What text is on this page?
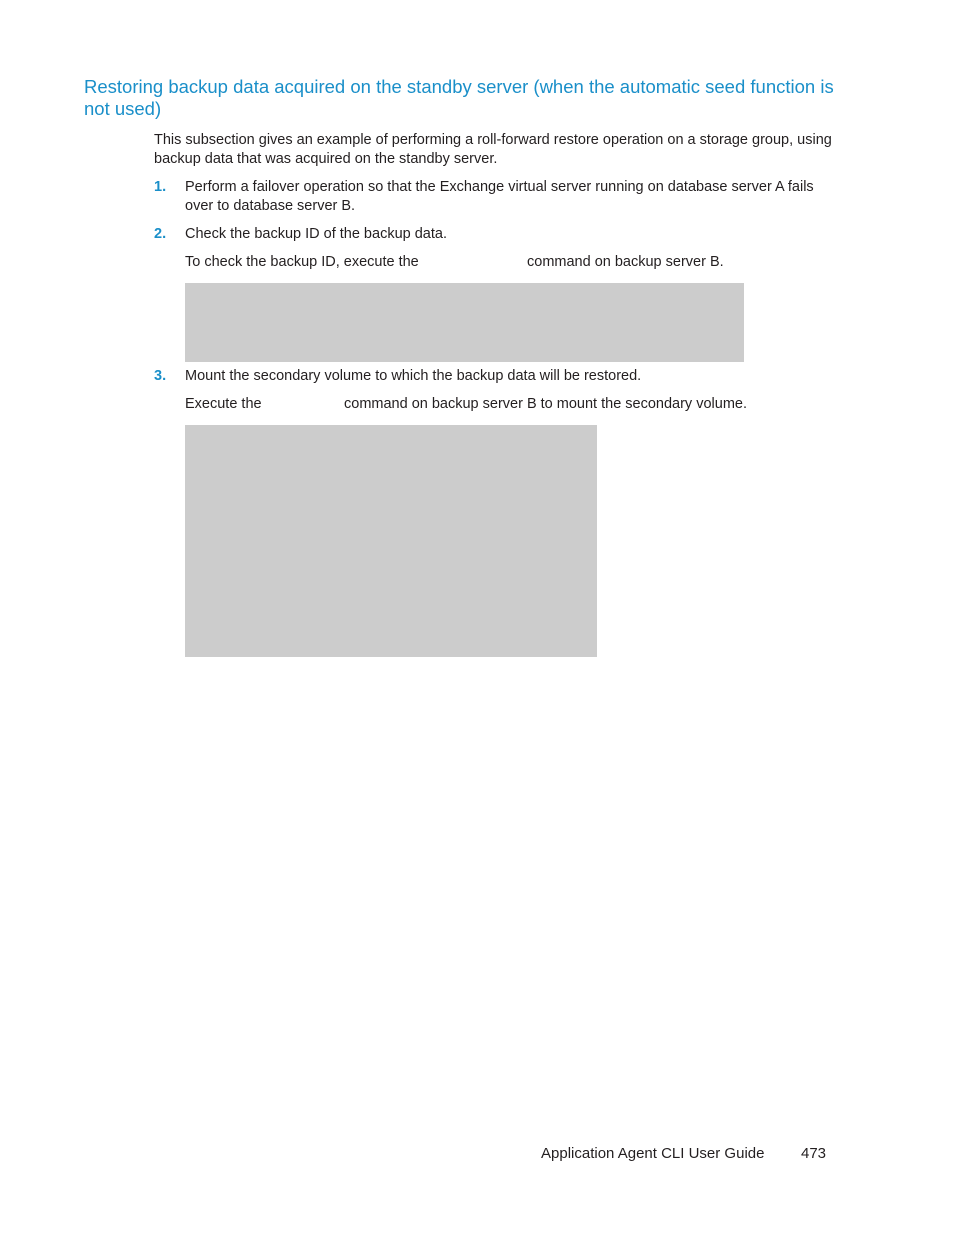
Restoring backup data acquired on the standby server (when the automatic seed function is not used)

This subsection gives an example of performing a roll-forward restore operation on a storage group, using backup data that was acquired on the standby server.

1. Perform a failover operation so that the Exchange virtual server running on database server A fails over to database server B.
2. Check the backup ID of the backup data.
To check the backup ID, execute the	command on backup server B.
3. Mount the secondary volume to which the backup data will be restored.
Execute the	command on backup server B to mount the secondary volume.
Application Agent CLI User Guide 473
